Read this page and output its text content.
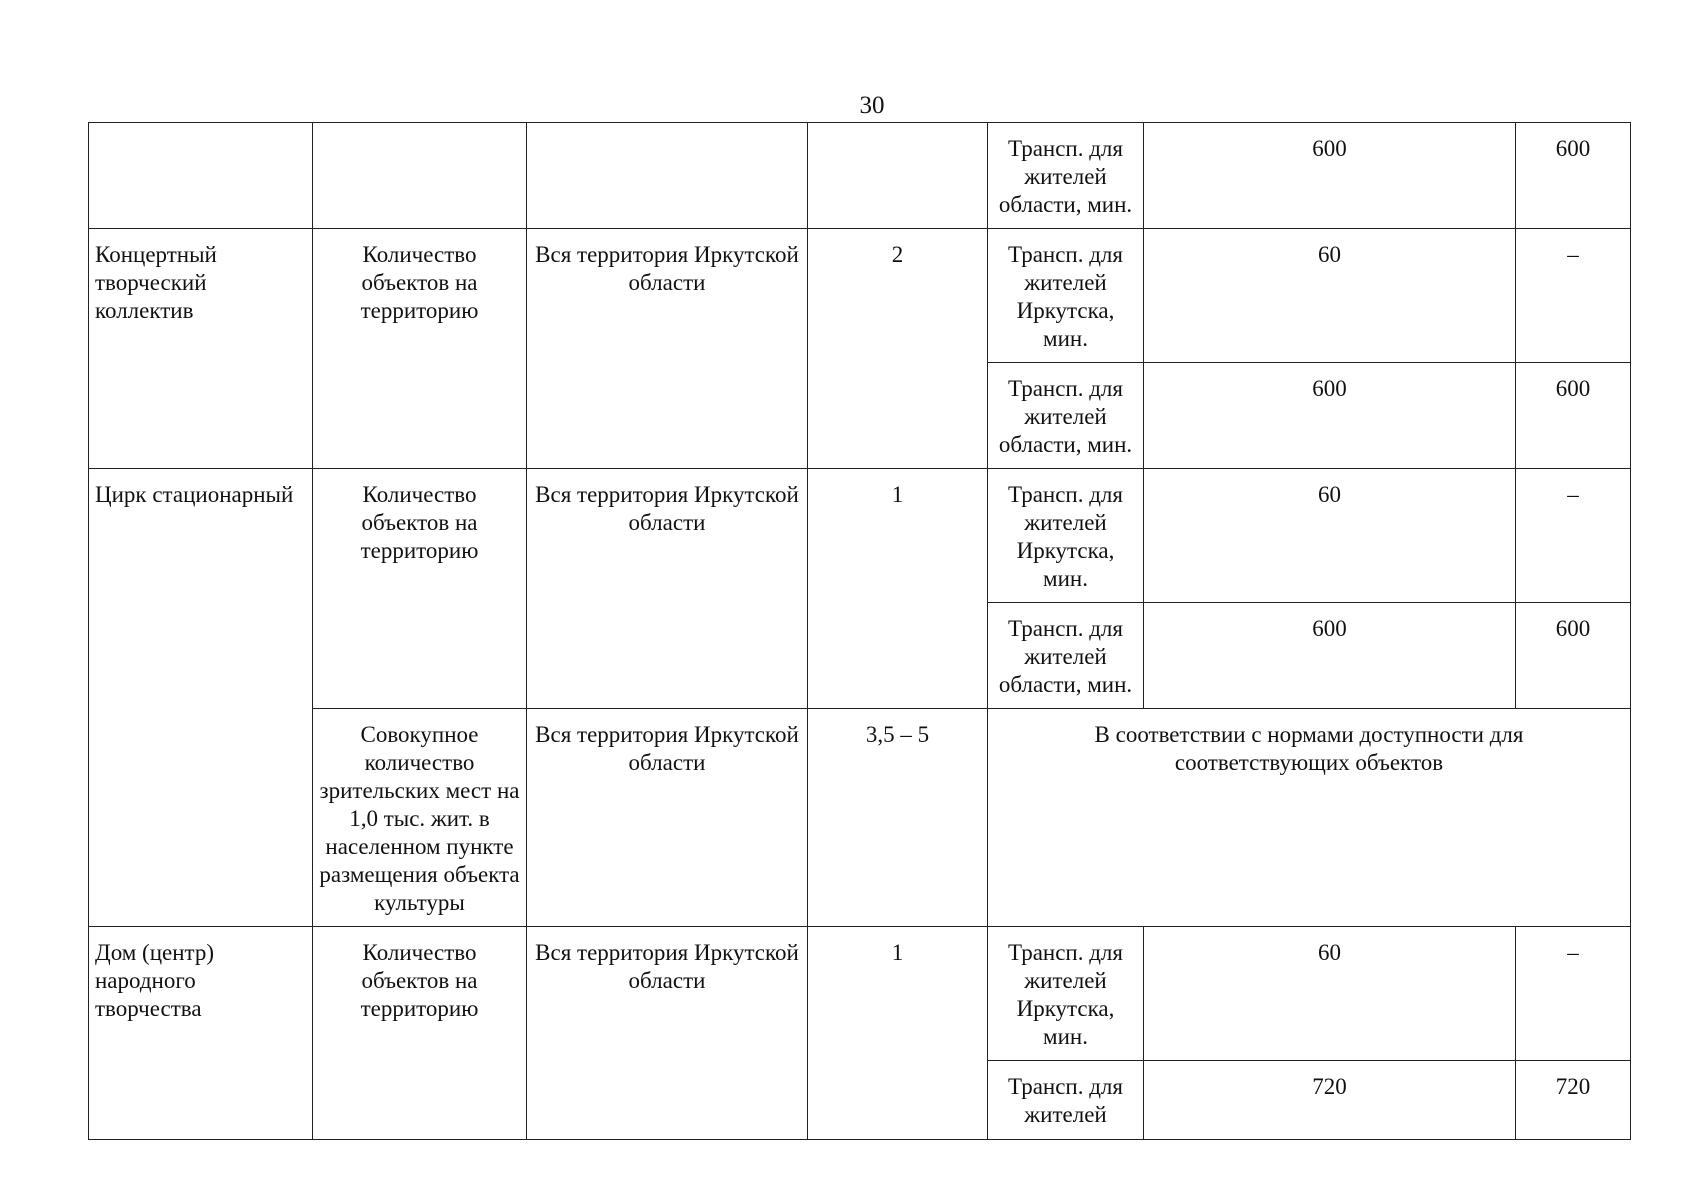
30
				Трансп. для жителей области, мин.	600	600
Концертный творческий коллектив	Количество объектов на территорию	Вся территория Иркутской области	2	Трансп. для жителей Иркутска, мин.	60	–
				Трансп. для жителей области, мин.	600	600
Цирк стационарный	Количество объектов на территорию	Вся территория Иркутской области	1	Трансп. для жителей Иркутска, мин.	60	–
				Трансп. для жителей области, мин.	600	600
	Совокупное количество зрительских мест на 1,0 тыс. жит. в населенном пункте размещения объекта культуры	Вся территория Иркутской области	3,5 – 5	В соответствии с нормами доступности для соответствующих объектов		

Дом (центр) народного творчества	Количество объектов на территорию	Вся территория Иркутской области	1	Трансп. для жителей Иркутска, мин.	60	–
				Трансп. для жителей	720	720
